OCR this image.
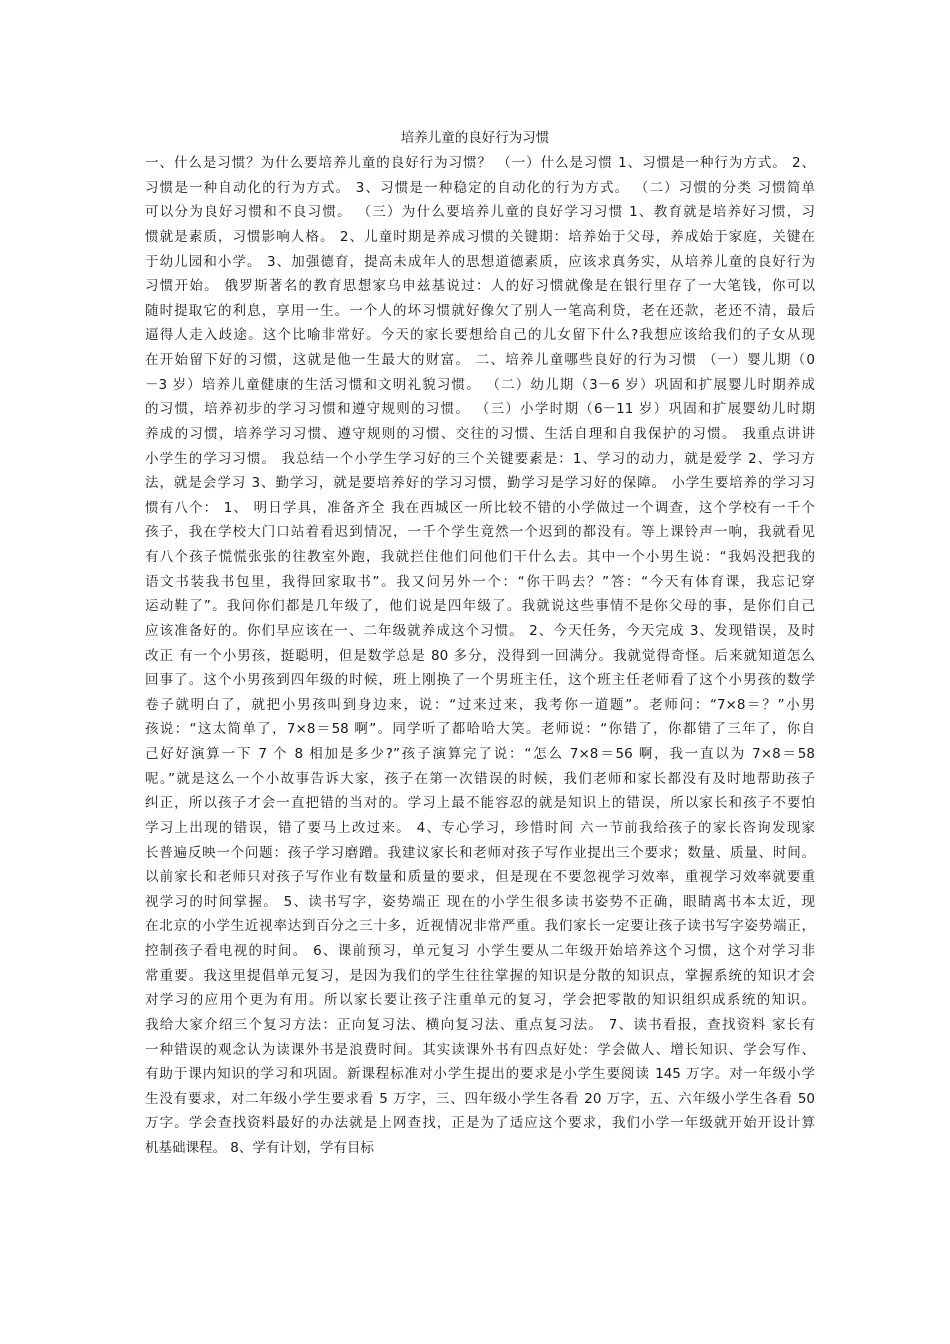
培养儿童的良好行为习惯
一、什么是习惯？为什么要培养儿童的良好行为习惯？ （一）什么是习惯 1、习惯是一种行为方式。 2、
习惯是一种自动化的行为方式。 3、习惯是一种稳定的自动化的行为方式。 （二）习惯的分类 习惯简单
可以分为良好习惯和不良习惯。 （三）为什么要培养儿童的良好学习习惯 1、教育就是培养好习惯，习
惯就是素质，习惯影响人格。 2、儿童时期是养成习惯的关键期：培养始于父母，养成始于家庭，关键在
于幼儿园和小学。 3、加强德育，提高未成年人的思想道德素质，应该求真务实，从培养儿童的良好行为
习惯开始。 俄罗斯著名的教育思想家乌申兹基说过：人的好习惯就像是在银行里存了一大笔钱，你可以
随时提取它的利息，享用一生。一个人的坏习惯就好像欠了别人一笔高利贷，老在还款，老还不清，最后
逼得人走入歧途。这个比喻非常好。今天的家长要想给自己的儿女留下什么?我想应该给我们的子女从现
在开始留下好的习惯，这就是他一生最大的财富。 二、培养儿童哪些良好的行为习惯 （一）婴儿期（0
－3 岁）培养儿童健康的生活习惯和文明礼貌习惯。 （二）幼儿期（3－6 岁）巩固和扩展婴儿时期养成
的习惯，培养初步的学习习惯和遵守规则的习惯。 （三）小学时期（6－11 岁）巩固和扩展婴幼儿时期
养成的习惯，培养学习习惯、遵守规则的习惯、交往的习惯、生活自理和自我保护的习惯。 我重点讲讲
小学生的学习习惯。 我总结一个小学生学习好的三个关键要素是：1、学习的动力，就是爱学 2、学习方
法，就是会学习 3、勤学习，就是要培养好的学习习惯，勤学习是学习好的保障。 小学生要培养的学习习
惯有八个： 1、 明日学具，准备齐全 我在西城区一所比较不错的小学做过一个调查，这个学校有一千个
孩子，我在学校大门口站着看迟到情况，一千个学生竟然一个迟到的都没有。等上课铃声一响，我就看见
有八个孩子慌慌张张的往教室外跑，我就拦住他们问他们干什么去。其中一个小男生说：“我妈没把我的
语文书装我书包里，我得回家取书”。我又问另外一个：“你干吗去？”答：“今天有体育课，我忘记穿
运动鞋了”。我问你们都是几年级了，他们说是四年级了。我就说这些事情不是你父母的事，是你们自己
应该准备好的。你们早应该在一、二年级就养成这个习惯。 2、今天任务，今天完成 3、发现错误，及时
改正 有一个小男孩，挺聪明，但是数学总是 80 多分，没得到一回满分。我就觉得奇怪。后来就知道怎么
回事了。这个小男孩到四年级的时候，班上刚换了一个男班主任，这个班主任老师看了这个小男孩的数学
卷子就明白了，就把小男孩叫到身边来，说：“过来过来，我考你一道题”。老师问：“7×8＝？”小男
孩说：“这太简单了，7×8＝58 啊”。同学听了都哈哈大笑。老师说：“你错了，你都错了三年了，你自
己好好演算一下 7 个 8 相加是多少?”孩子演算完了说：“怎么 7×8＝56 啊，我一直以为 7×8＝58
呢。”就是这么一个小故事告诉大家，孩子在第一次错误的时候，我们老师和家长都没有及时地帮助孩子
纠正，所以孩子才会一直把错的当对的。学习上最不能容忍的就是知识上的错误，所以家长和孩子不要怕
学习上出现的错误，错了要马上改过来。 4、专心学习，珍惜时间 六一节前我给孩子的家长咨询发现家
长普遍反映一个问题：孩子学习磨蹭。我建议家长和老师对孩子写作业提出三个要求；数量、质量、时间。
以前家长和老师只对孩子写作业有数量和质量的要求，但是现在不要忽视学习效率，重视学习效率就要重
视学习的时间掌握。 5、读书写字，姿势端正 现在的小学生很多读书姿势不正确，眼睛离书本太近，现
在北京的小学生近视率达到百分之三十多，近视情况非常严重。我们家长一定要让孩子读书写字姿势端正，
控制孩子看电视的时间。 6、课前预习，单元复习 小学生要从二年级开始培养这个习惯，这个对学习非
常重要。我这里提倡单元复习，是因为我们的学生往往掌握的知识是分散的知识点，掌握系统的知识才会
对学习的应用个更为有用。所以家长要让孩子注重单元的复习，学会把零散的知识组织成系统的知识。
我给大家介绍三个复习方法：正向复习法、横向复习法、重点复习法。 7、读书看报，查找资料 家长有
一种错误的观念认为读课外书是浪费时间。其实读课外书有四点好处：学会做人、增长知识、学会写作、
有助于课内知识的学习和巩固。新课程标准对小学生提出的要求是小学生要阅读 145 万字。对一年级小学
生没有要求，对二年级小学生要求看 5 万字，三、四年级小学生各看 20 万字，五、六年级小学生各看 50
万字。学会查找资料最好的办法就是上网查找，正是为了适应这个要求，我们小学一年级就开始开设计算
机基础课程。 8、学有计划，学有目标
